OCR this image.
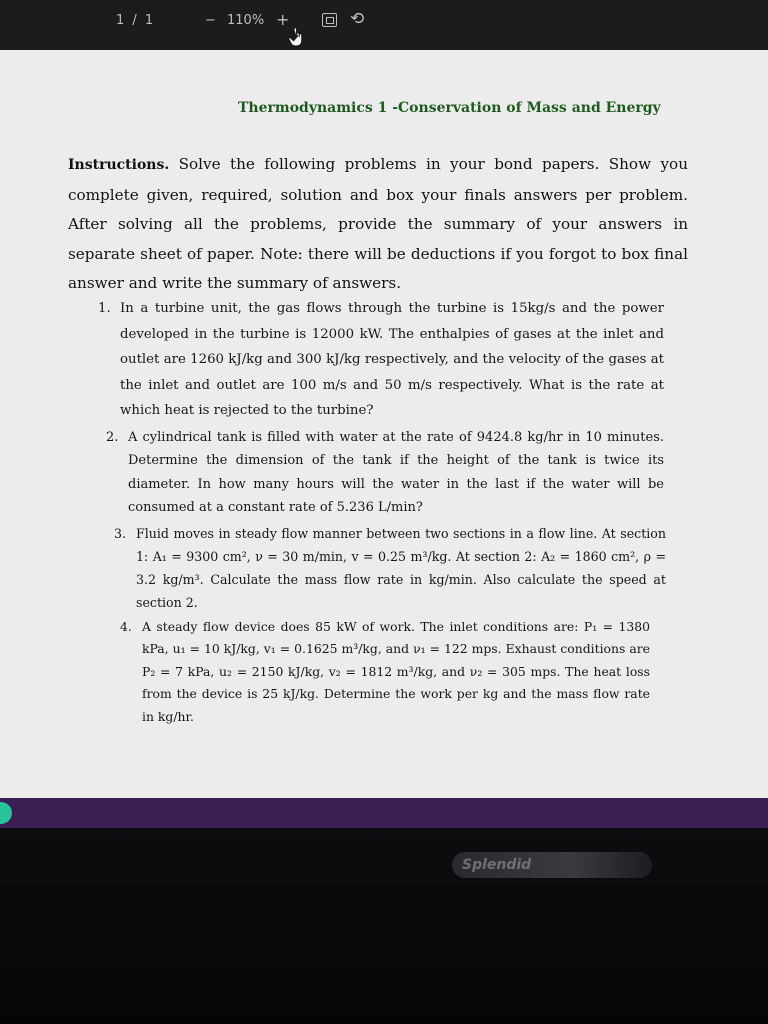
1 / 1	− 110% +	⟲
Thermodynamics 1 -Conservation of Mass and Energy

Instructions. Solve the following problems in your bond papers. Show you complete given, required, solution and box your finals answers per problem. After solving all the problems, provide the summary of your answers in separate sheet of paper. Note: there will be deductions if you forgot to box final answer and write the summary of answers.

1. In a turbine unit, the gas flows through the turbine is 15kg/s and the power developed in the turbine is 12000 kW. The enthalpies of gases at the inlet and outlet are 1260 kJ/kg and 300 kJ/kg respectively, and the velocity of the gases at the inlet and outlet are 100 m/s and 50 m/s respectively. What is the rate at which heat is rejected to the turbine?
2. A cylindrical tank is filled with water at the rate of 9424.8 kg/hr in 10 minutes. Determine the dimension of the tank if the height of the tank is twice its diameter. In how many hours will the water in the last if the water will be consumed at a constant rate of 5.236 L/min?
3. Fluid moves in steady flow manner between two sections in a flow line. At section 1: A₁ = 9300 cm², ν = 30 m/min, v = 0.25 m³/kg. At section 2: A₂ = 1860 cm², ρ = 3.2 kg/m³. Calculate the mass flow rate in kg/min. Also calculate the speed at section 2.
4. A steady flow device does 85 kW of work. The inlet conditions are: P₁ = 1380 kPa, u₁ = 10 kJ/kg, v₁ = 0.1625 m³/kg, and ν₁ = 122 mps. Exhaust conditions are P₂ = 7 kPa, u₂ = 2150 kJ/kg, v₂ = 1812 m³/kg, and ν₂ = 305 mps. The heat loss from the device is 25 kJ/kg. Determine the work per kg and the mass flow rate in kg/hr.
Splendid
